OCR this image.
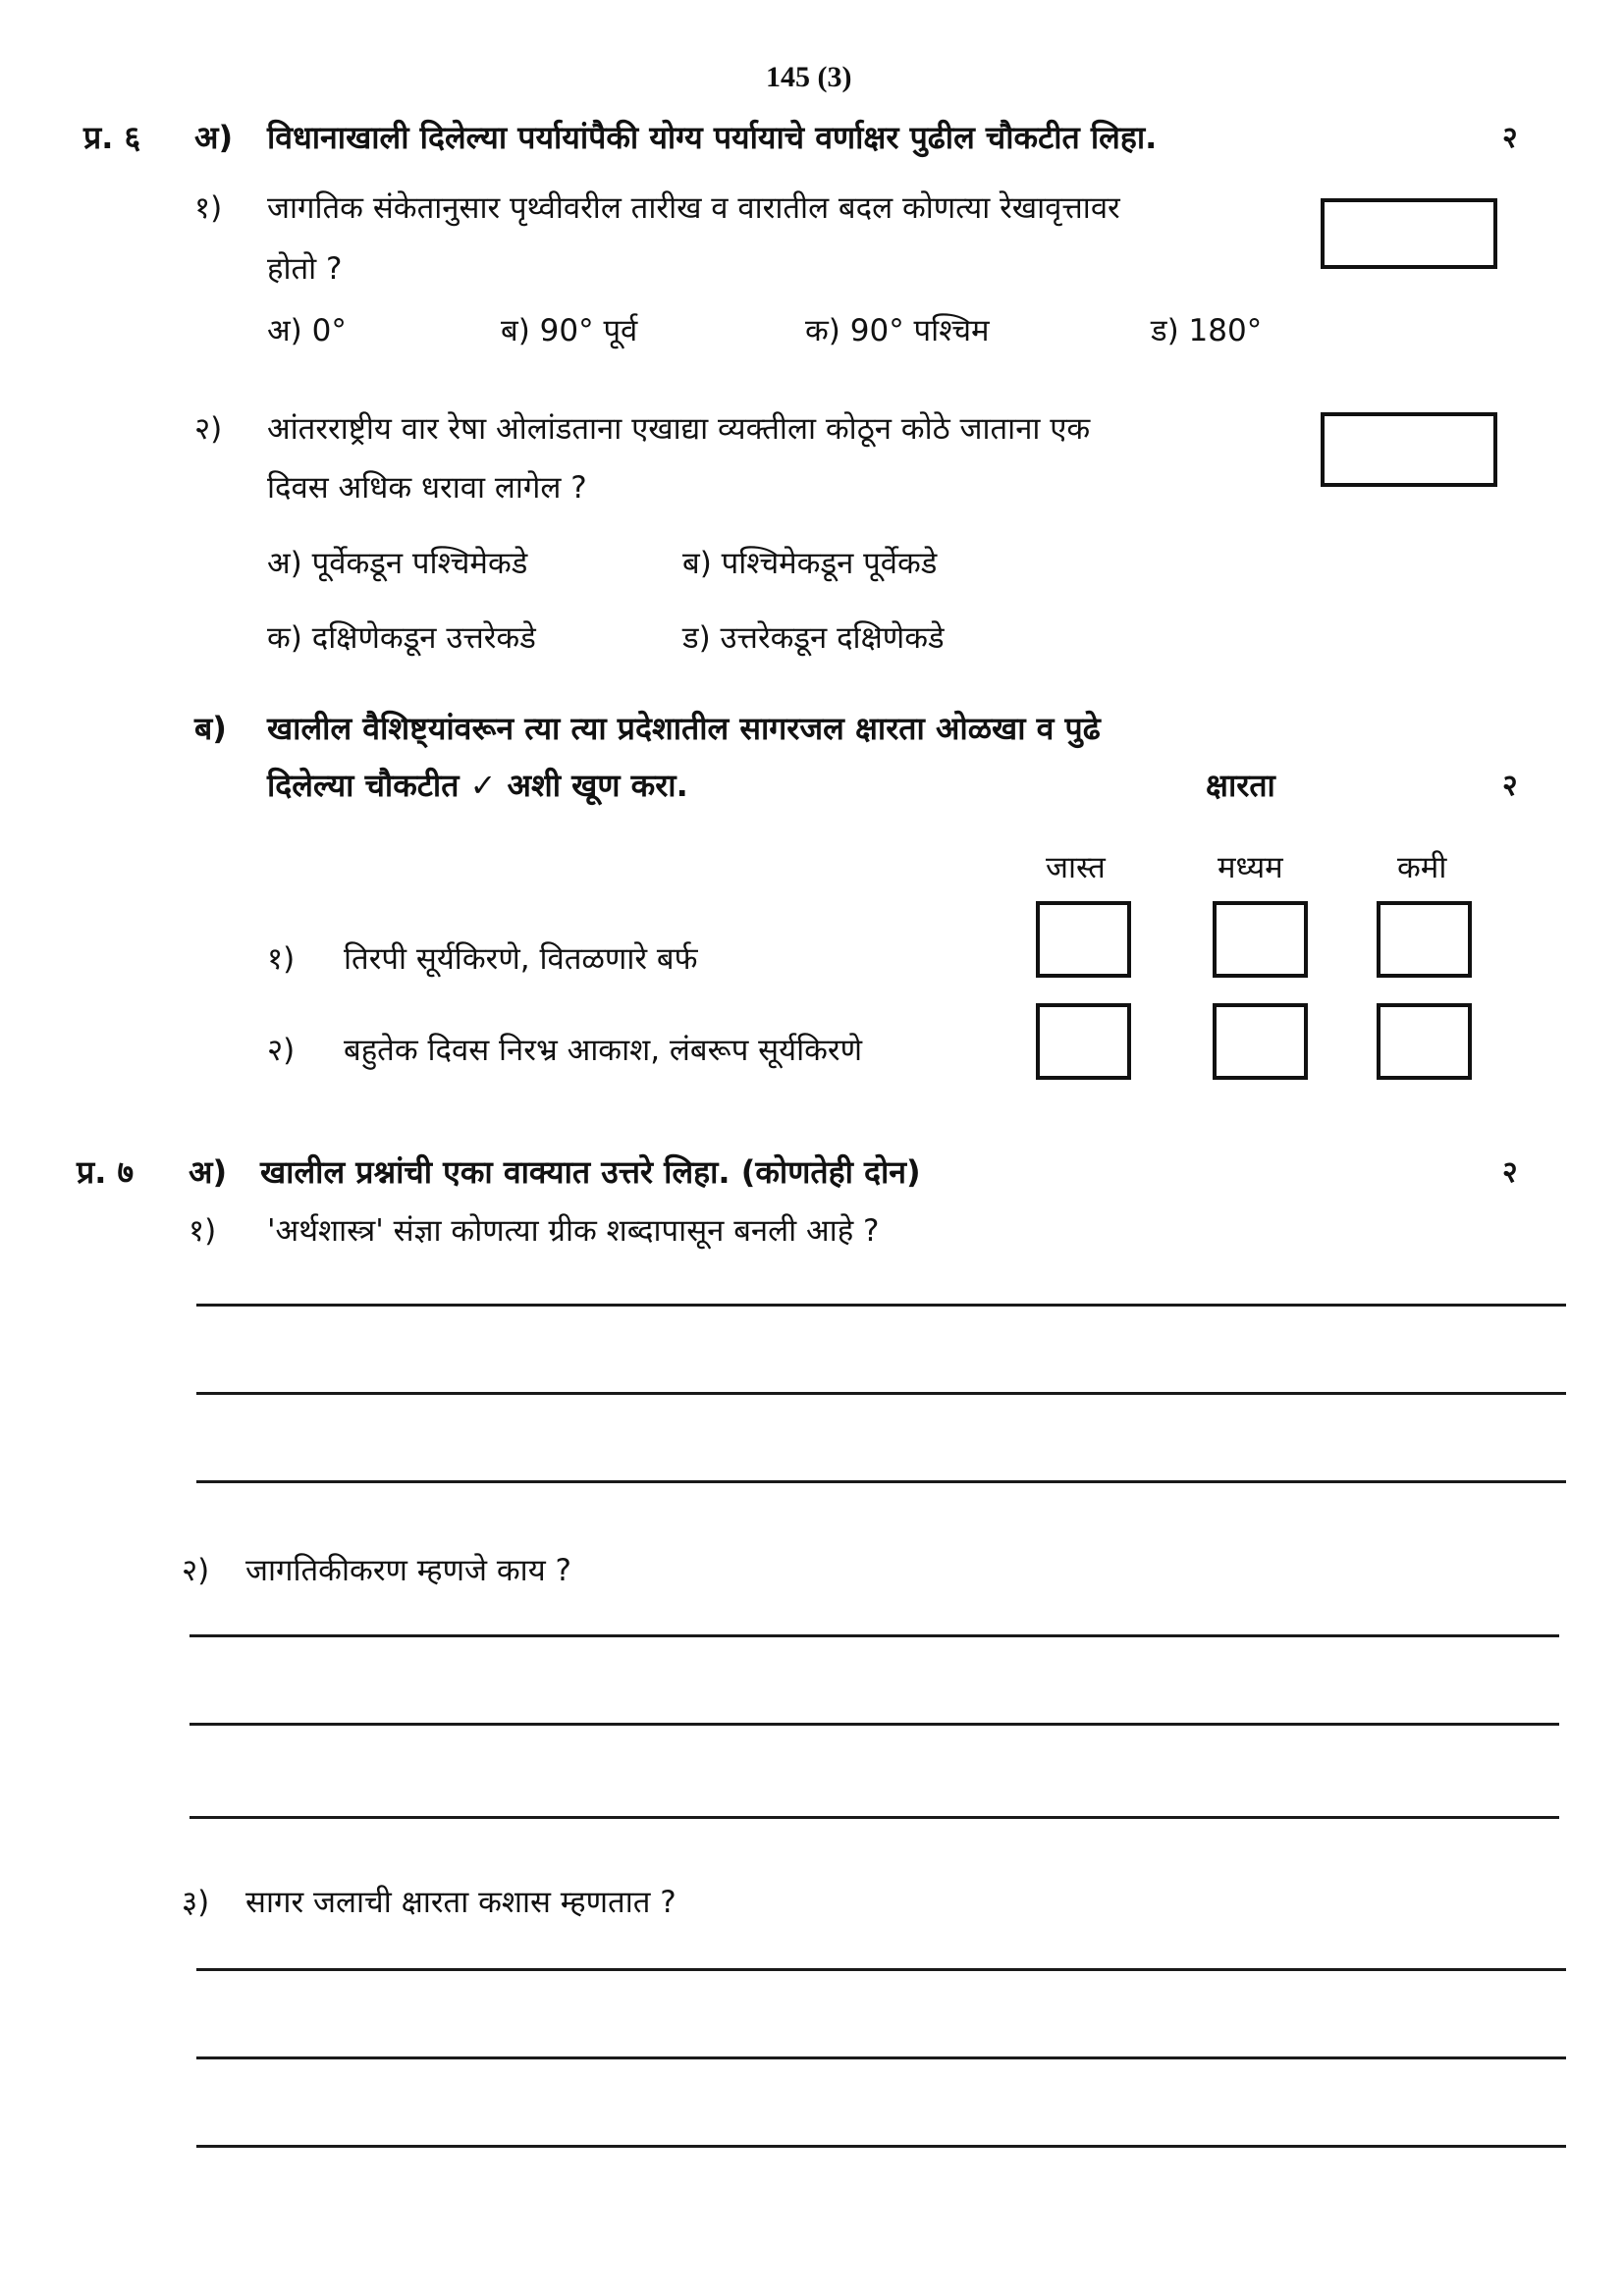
145 (3)
प्र. ६ अ) विधानाखाली दिलेल्या पर्यायांपैकी योग्य पर्यायाचे वर्णाक्षर पुढील चौकटीत लिहा.	२
१) जागतिक संकेतानुसार पृथ्वीवरील तारीख व वारातील बदल कोणत्या रेखावृत्तावर
होतो ?
अ) 0°	ब) 90° पूर्व	क) 90° पश्चिम	ड) 180°
२) आंतरराष्ट्रीय वार रेषा ओलांडताना एखाद्या व्यक्तीला कोठून कोठे जाताना एक
दिवस अधिक धरावा लागेल ?
अ) पूर्वेकडून पश्चिमेकडे	ब) पश्चिमेकडून पूर्वेकडे
क) दक्षिणेकडून उत्तरेकडे	ड) उत्तरेकडून दक्षिणेकडे
ब) खालील वैशिष्ट्यांवरून त्या त्या प्रदेशातील सागरजल क्षारता ओळखा व पुढे
दिलेल्या चौकटीत ✓ अशी खूण करा.	क्षारता	२
जास्त	मध्यम	कमी
१) तिरपी सूर्यकिरणे, वितळणारे बर्फ
२) बहुतेक दिवस निरभ्र आकाश, लंबरूप सूर्यकिरणे
प्र. ७ अ) खालील प्रश्नांची एका वाक्यात उत्तरे लिहा. (कोणतेही दोन)	२
१) 'अर्थशास्त्र' संज्ञा कोणत्या ग्रीक शब्दापासून बनली आहे ?
२) जागतिकीकरण म्हणजे काय ?
३) सागर जलाची क्षारता कशास म्हणतात ?
